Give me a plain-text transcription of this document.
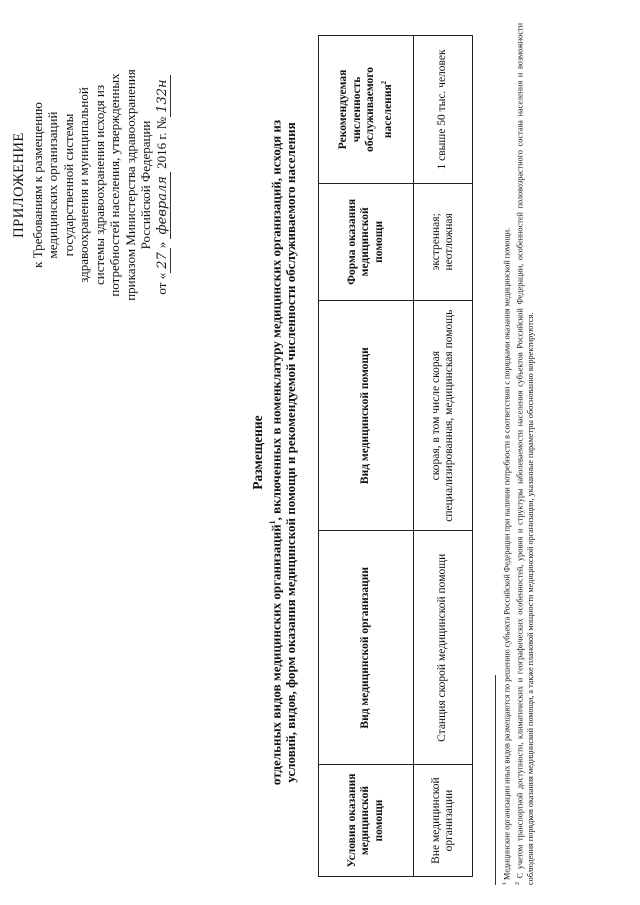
ПРИЛОЖЕНИЕ к Требованиям к размещению медицинских организаций государственной системы здравоохранения и муниципальной системы здравоохранения исходя из потребностей населения, утвержденных приказом Министерства здравоохранения Российской Федерации
от «27» февраля 2016 г. №132н
Размещение
отдельных видов медицинских организаций$^1$, включенных в номенклатуру медицинских организаций, исходя из условий, видов, форм оказания медицинской помощи и рекомендуемой численности обслуживаемого населения
Условия оказания медицинской помощи	Вид медицинской организации	Вид медицинской помощи	Форма оказания медицинской помощи	Рекомендуемая численность обслуживаемого населения$^2$
Вне медицинской организации	Станция скорой медицинской помощи	скорая, в том числе скорая специализированная, медицинская помощь	экстренная; неотложная	1 свыше 50 тыс. человек

$^1$ Медицинские организации иных видов размещаются по решению субъекта Российской Федерации при наличии потребности в соответствии с порядками оказания медицинской помощи.

$^2$ С учетом транспортной доступности, климатических и географических особенностей, уровня и структуры заболеваемости населения субъектов Российской Федерации, особенностей половозрастного состава населения и возможности соблюдения порядков оказания медицинской помощи, а также плановой мощности медицинской организации, указанные параметры обоснованно корректируются.
